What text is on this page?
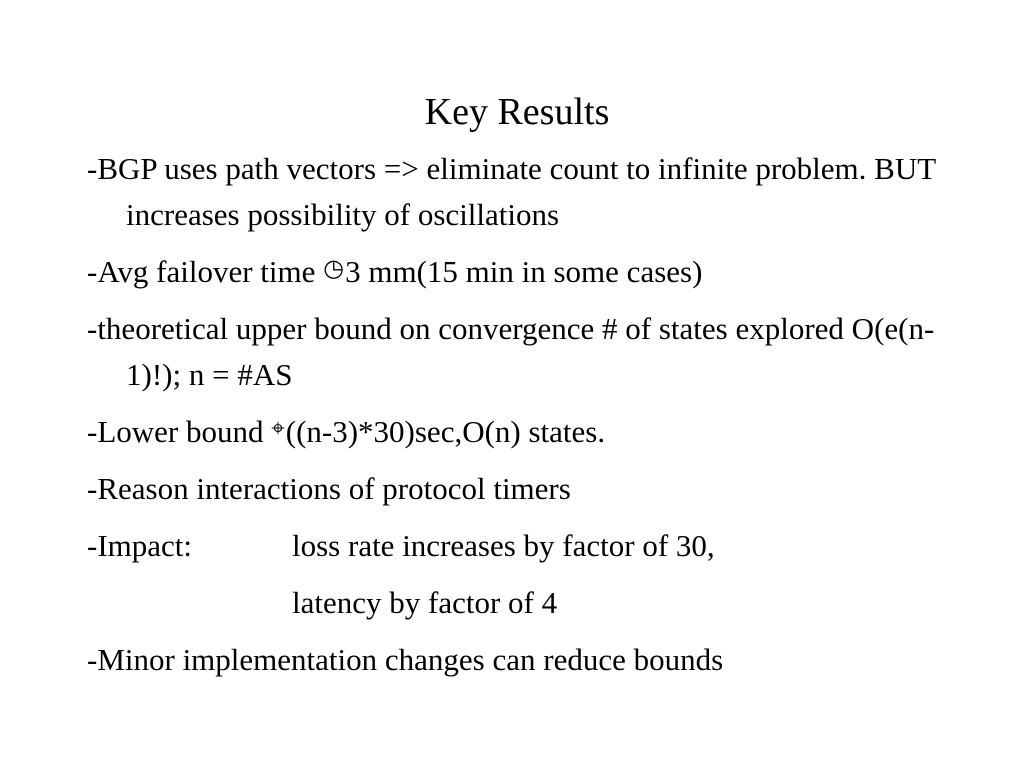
Key Results
-BGP uses path vectors => eliminate count to infinite problem. BUT increases possibility of oscillations
-Avg failover time ◷3 mm(15 min in some cases)
-theoretical upper bound on convergence # of states explored O(e(n-1)!); n = #AS
-Lower bound ⌖((n-3)*30)sec,O(n) states.
-Reason interactions of protocol timers
-Impact:	loss rate increases by factor of 30,
latency by factor of 4
-Minor implementation changes can reduce bounds
